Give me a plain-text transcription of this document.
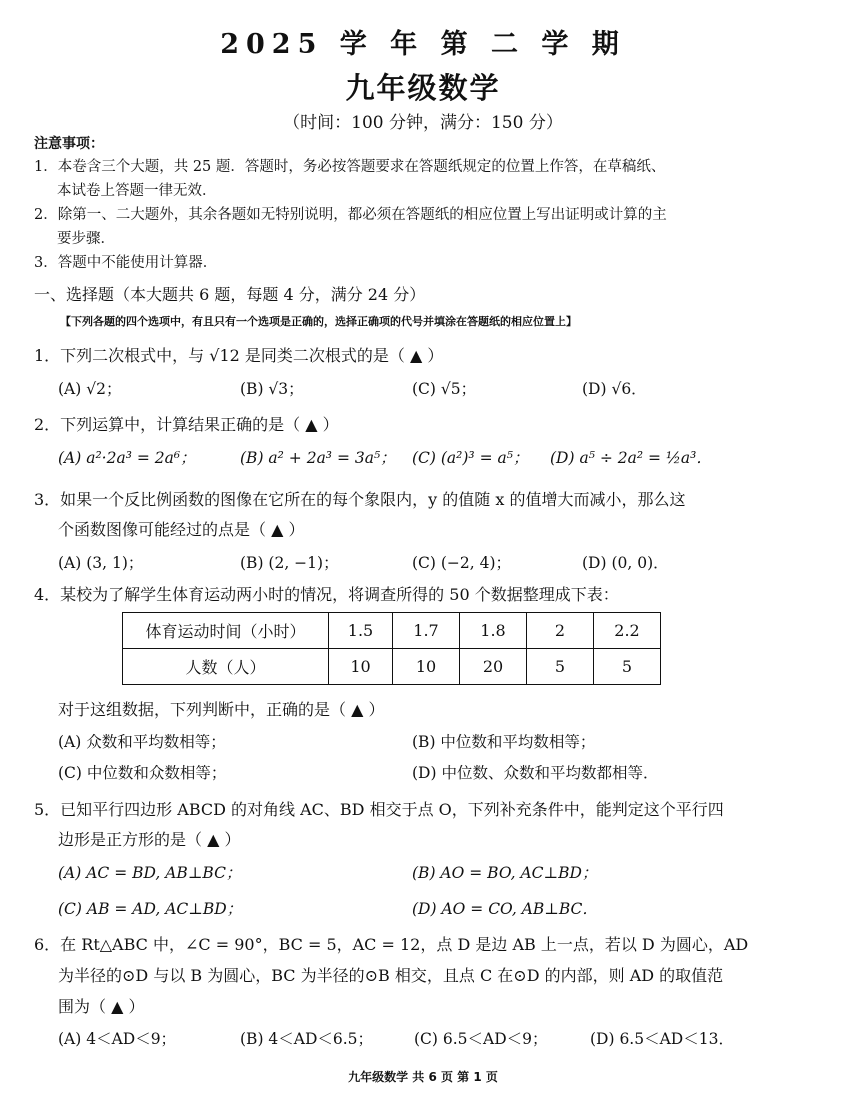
2025 学 年 第 二 学 期
九年级数学
（时间：100 分钟，满分：150 分）
注意事项：
1．本卷含三个大题，共 25 题．答题时，务必按答题要求在答题纸规定的位置上作答，在草稿纸、
本试卷上答题一律无效．
2．除第一、二大题外，其余各题如无特别说明，都必须在答题纸的相应位置上写出证明或计算的主
要步骤．
3．答题中不能使用计算器．
一、选择题（本大题共 6 题，每题 4 分，满分 24 分）
【下列各题的四个选项中，有且只有一个选项是正确的，选择正确项的代号并填涂在答题纸的相应位置上】
1．下列二次根式中，与 √12 是同类二次根式的是（ ▲ ）
(A) √2；	(B) √3；	(C) √5；	(D) √6．
2．下列运算中，计算结果正确的是（ ▲ ）
(A) a²·2a³ = 2a⁶；	(B) a² + 2a³ = 3a⁵； (C) (a²)³ = a⁵； (D) a⁵ ÷ 2a² = ½a³．
3．如果一个反比例函数的图像在它所在的每个象限内，y 的值随 x 的值增大而减小，那么这
个函数图像可能经过的点是（ ▲ ）
(A) (3, 1)；	(B) (2, −1)；	(C) (−2, 4)；	(D) (0, 0)．
4．某校为了解学生体育运动两小时的情况，将调查所得的 50 个数据整理成下表：
体育运动时间（小时）	1.5	1.7	1.8	2	2.2
人数（人）	10	10	20	5	5
对于这组数据，下列判断中，正确的是（ ▲ ）
(A) 众数和平均数相等；	(B) 中位数和平均数相等；
(C) 中位数和众数相等；	(D) 中位数、众数和平均数都相等．
5．已知平行四边形 ABCD 的对角线 AC、BD 相交于点 O，下列补充条件中，能判定这个平行四
边形是正方形的是（ ▲ ）
(A) AC = BD, AB⊥BC；	(B) AO = BO, AC⊥BD；
(C) AB = AD, AC⊥BD；	(D) AO = CO, AB⊥BC．
6．在 Rt△ABC 中，∠C = 90°，BC = 5，AC = 12，点 D 是边 AB 上一点，若以 D 为圆心，AD
为半径的⊙D 与以 B 为圆心，BC 为半径的⊙B 相交，且点 C 在⊙D 的内部，则 AD 的取值范
围为（ ▲ ）
(A) 4＜AD＜9；	(B) 4＜AD＜6.5；	(C) 6.5＜AD＜9；	(D) 6.5＜AD＜13．
九年级数学 共 6 页 第 1 页
